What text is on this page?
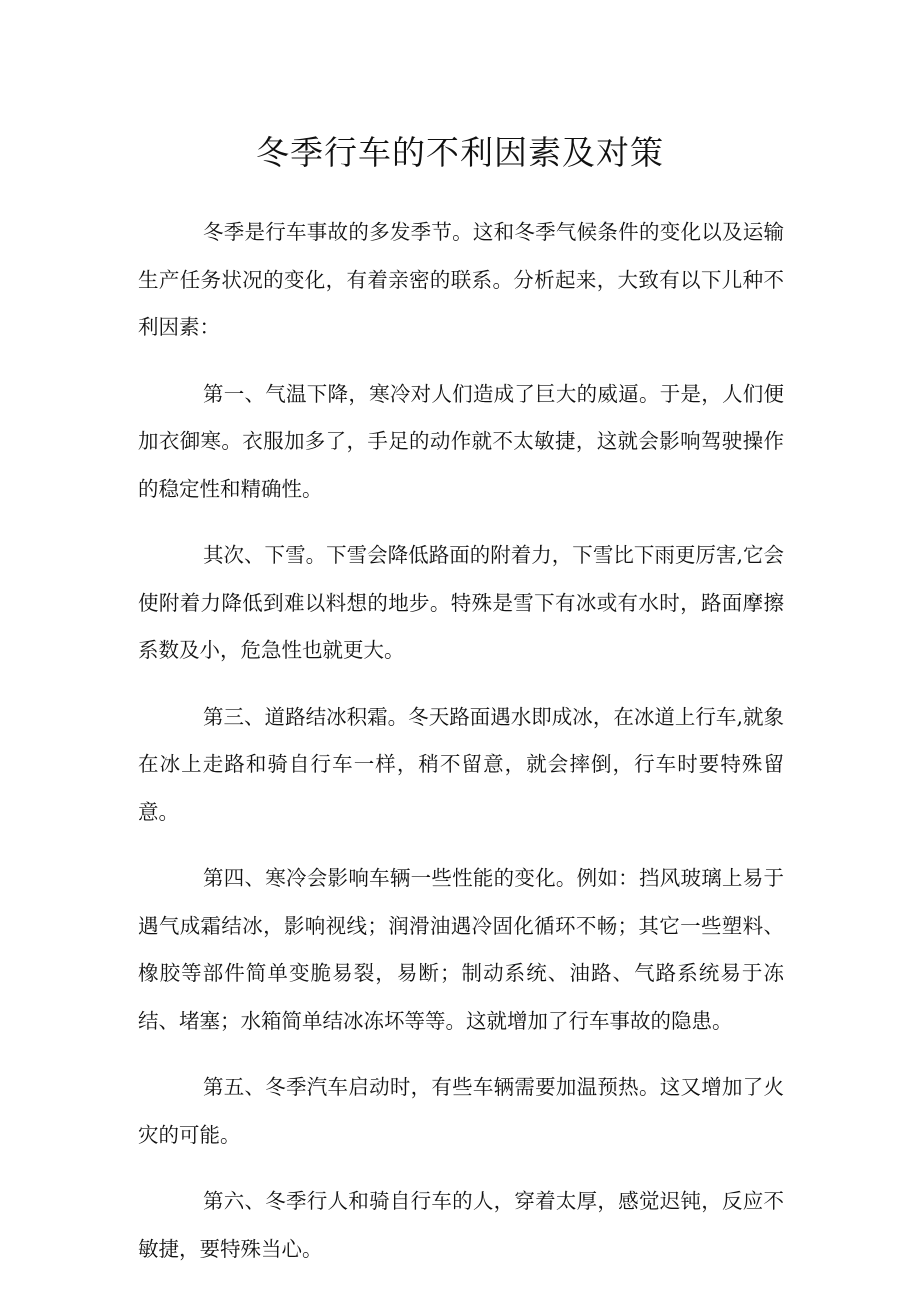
冬季行车的不利因素及对策

冬季是行车事故的多发季节。这和冬季气候条件的变化以及运输生产任务状况的变化，有着亲密的联系。分析起来，大致有以下儿种不利因素：

第一、气温下降，寒冷对人们造成了巨大的威逼。于是，人们便加衣御寒。衣服加多了，手足的动作就不太敏捷，这就会影响驾驶操作的稳定性和精确性。

其次、下雪。下雪会降低路面的附着力，下雪比下雨更厉害,它会使附着力降低到难以料想的地步。特殊是雪下有冰或有水时，路面摩擦系数及小，危急性也就更大。

第三、道路结冰积霜。冬天路面遇水即成冰，在冰道上行车,就象在冰上走路和骑自行车一样，稍不留意，就会摔倒，行车时要特殊留意。

第四、寒冷会影响车辆一些性能的变化。例如：挡风玻璃上易于遇气成霜结冰，影响视线；润滑油遇冷固化循环不畅；其它一些塑料、橡胶等部件简单变脆易裂，易断；制动系统、油路、气路系统易于冻结、堵塞；水箱简单结冰冻坏等等。这就增加了行车事故的隐患。

第五、冬季汽车启动时，有些车辆需要加温预热。这又增加了火灾的可能。

第六、冬季行人和骑自行车的人，穿着太厚，感觉迟钝，反应不敏捷，要特殊当心。
